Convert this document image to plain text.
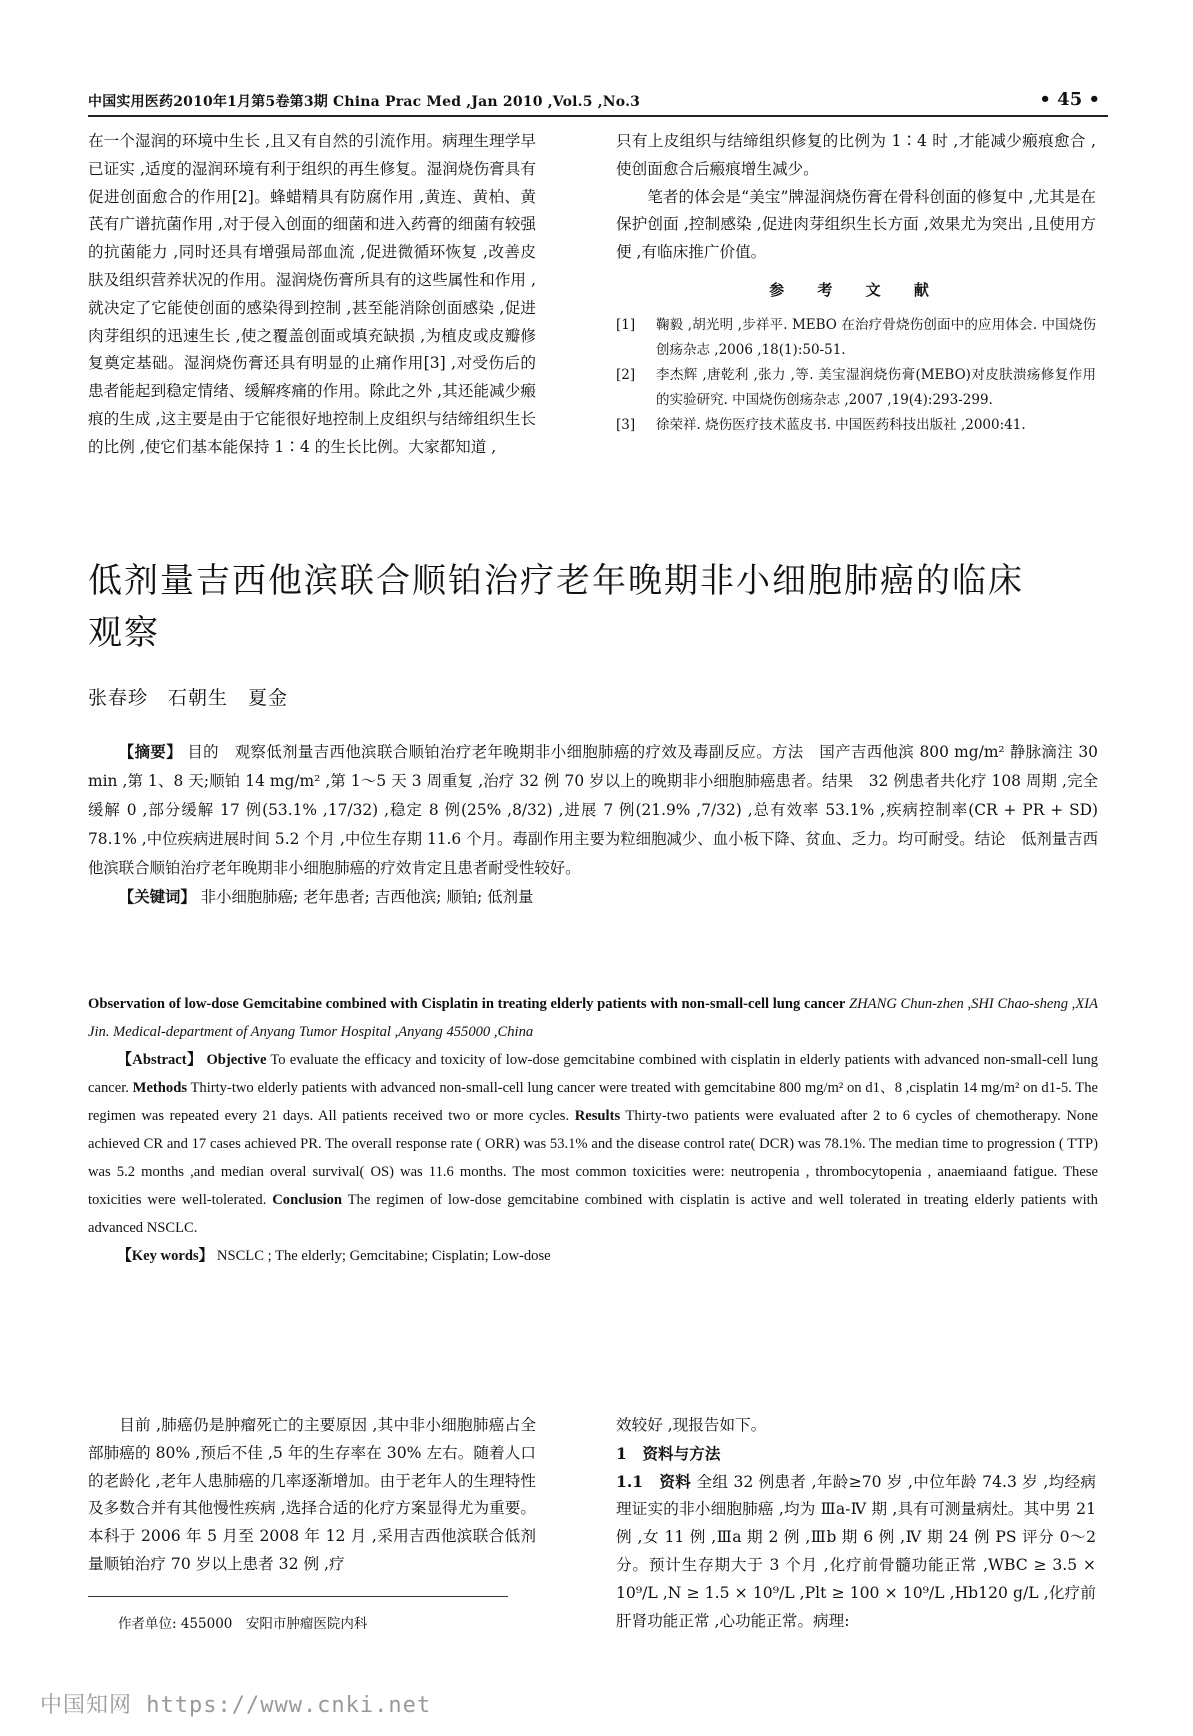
中国实用医药2010年1月第5卷第3期 China Prac Med ,Jan 2010 ,Vol.5 ,No.3	• 45 •

在一个湿润的环境中生长 ,且又有自然的引流作用。病理生理学早已证实 ,适度的湿润环境有利于组织的再生修复。湿润烧伤膏具有促进创面愈合的作用[2]。蜂蜡精具有防腐作用 ,黄连、黄柏、黄芪有广谱抗菌作用 ,对于侵入创面的细菌和进入药膏的细菌有较强的抗菌能力 ,同时还具有增强局部血流 ,促进微循环恢复 ,改善皮肤及组织营养状况的作用。湿润烧伤膏所具有的这些属性和作用 ,就决定了它能使创面的感染得到控制 ,甚至能消除创面感染 ,促进肉芽组织的迅速生长 ,使之覆盖创面或填充缺损 ,为植皮或皮瓣修复奠定基础。湿润烧伤膏还具有明显的止痛作用[3] ,对受伤后的患者能起到稳定情绪、缓解疼痛的作用。除此之外 ,其还能减少瘢痕的生成 ,这主要是由于它能很好地控制上皮组织与结缔组织生长的比例 ,使它们基本能保持 1∶4 的生长比例。大家都知道 ,

只有上皮组织与结缔组织修复的比例为 1∶4 时 ,才能减少瘢痕愈合 ,使创面愈合后瘢痕增生减少。

笔者的体会是“美宝”牌湿润烧伤膏在骨科创面的修复中 ,尤其是在保护创面 ,控制感染 ,促进肉芽组织生长方面 ,效果尤为突出 ,且使用方便 ,有临床推广价值。

参 考 文 献
[1]	鞠毅 ,胡光明 ,步祥平. MEBO 在治疗骨烧伤创面中的应用体会. 中国烧伤创疡杂志 ,2006 ,18(1):50-51.
[2]	李杰辉 ,唐乾利 ,张力 ,等. 美宝湿润烧伤膏(MEBO)对皮肤溃疡修复作用的实验研究. 中国烧伤创疡杂志 ,2007 ,19(4):293-299.
[3]	徐荣祥. 烧伤医疗技术蓝皮书. 中国医药科技出版社 ,2000:41.
低剂量吉西他滨联合顺铂治疗老年晚期非小细胞肺癌的临床观察
张春珍　石朝生　夏金

【摘要】 目的　观察低剂量吉西他滨联合顺铂治疗老年晚期非小细胞肺癌的疗效及毒副反应。方法　国产吉西他滨 800 mg/m² 静脉滴注 30 min ,第 1、8 天;顺铂 14 mg/m² ,第 1～5 天 3 周重复 ,治疗 32 例 70 岁以上的晚期非小细胞肺癌患者。结果　32 例患者共化疗 108 周期 ,完全缓解 0 ,部分缓解 17 例(53.1% ,17/32) ,稳定 8 例(25% ,8/32) ,进展 7 例(21.9% ,7/32) ,总有效率 53.1% ,疾病控制率(CR + PR + SD) 78.1% ,中位疾病进展时间 5.2 个月 ,中位生存期 11.6 个月。毒副作用主要为粒细胞减少、血小板下降、贫血、乏力。均可耐受。结论　低剂量吉西他滨联合顺铂治疗老年晚期非小细胞肺癌的疗效肯定且患者耐受性较好。

【关键词】 非小细胞肺癌; 老年患者; 吉西他滨; 顺铂; 低剂量

Observation of low-dose Gemcitabine combined with Cisplatin in treating elderly patients with non-small-cell lung cancer ZHANG Chun-zhen ,SHI Chao-sheng ,XIA Jin. Medical-department of Anyang Tumor Hospital ,Anyang 455000 ,China

【Abstract】 Objective To evaluate the efficacy and toxicity of low-dose gemcitabine combined with cisplatin in elderly patients with advanced non-small-cell lung cancer. Methods Thirty-two elderly patients with advanced non-small-cell lung cancer were treated with gemcitabine 800 mg/m² on d1、8 ,cisplatin 14 mg/m² on d1-5. The regimen was repeated every 21 days. All patients received two or more cycles. Results Thirty-two patients were evaluated after 2 to 6 cycles of chemotherapy. None achieved CR and 17 cases achieved PR. The overall response rate ( ORR) was 53.1% and the disease control rate( DCR) was 78.1%. The median time to progression ( TTP) was 5.2 months ,and median overal survival( OS) was 11.6 months. The most common toxicities were: neutropenia , thrombocytopenia , anaemiaand fatigue. These toxicities were well-tolerated. Conclusion The regimen of low-dose gemcitabine combined with cisplatin is active and well tolerated in treating elderly patients with advanced NSCLC.

【Key words】 NSCLC ; The elderly; Gemcitabine; Cisplatin; Low-dose

目前 ,肺癌仍是肿瘤死亡的主要原因 ,其中非小细胞肺癌占全部肺癌的 80% ,预后不佳 ,5 年的生存率在 30% 左右。随着人口的老龄化 ,老年人患肺癌的几率逐渐增加。由于老年人的生理特性及多数合并有其他慢性疾病 ,选择合适的化疗方案显得尤为重要。本科于 2006 年 5 月至 2008 年 12 月 ,采用吉西他滨联合低剂量顺铂治疗 70 岁以上患者 32 例 ,疗

效较好 ,现报告如下。

1　资料与方法

1.1　资料 全组 32 例患者 ,年龄≥70 岁 ,中位年龄 74.3 岁 ,均经病理证实的非小细胞肺癌 ,均为 Ⅲa-Ⅳ 期 ,具有可测量病灶。其中男 21 例 ,女 11 例 ,Ⅲa 期 2 例 ,Ⅲb 期 6 例 ,Ⅳ 期 24 例 PS 评分 0～2 分。预计生存期大于 3 个月 ,化疗前骨髓功能正常 ,WBC ≥ 3.5 × 10⁹/L ,N ≥ 1.5 × 10⁹/L ,Plt ≥ 100 × 10⁹/L ,Hb120 g/L ,化疗前肝肾功能正常 ,心功能正常。病理:

作者单位: 455000　安阳市肿瘤医院内科
中国知网 https://www.cnki.net
